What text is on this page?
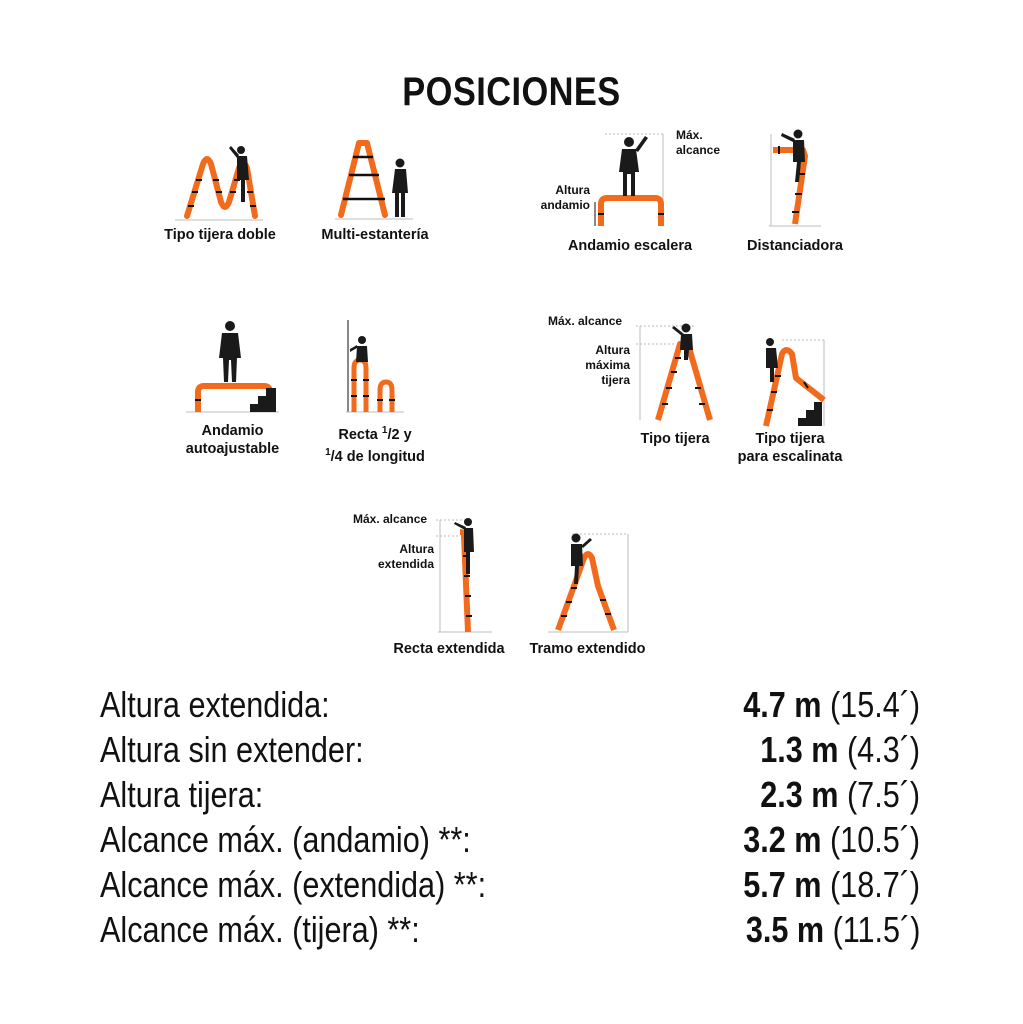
POSICIONES
Tipo tijera doble	Multi-estantería
Máx.
alcance
Altura
andamio
Andamio escalera	Distanciadora
Andamio
autoajustable
Recta $^1$/2 y
$^1$/4 de longitud
Máx. alcance
Altura
máxima
tijera
Tipo tijera	Tipo tijera
para escalinata
Máx. alcance
Altura
extendida
Recta extendida	Tramo extendido
Altura extendida:	4.7 m (15.4´)
Altura sin extender:	1.3 m (4.3´)
Altura tijera:	2.3 m (7.5´)
Alcance máx. (andamio) **:	3.2 m (10.5´)
Alcance máx. (extendida) **:	5.7 m (18.7´)
Alcance máx. (tijera) **:	3.5 m (11.5´)
